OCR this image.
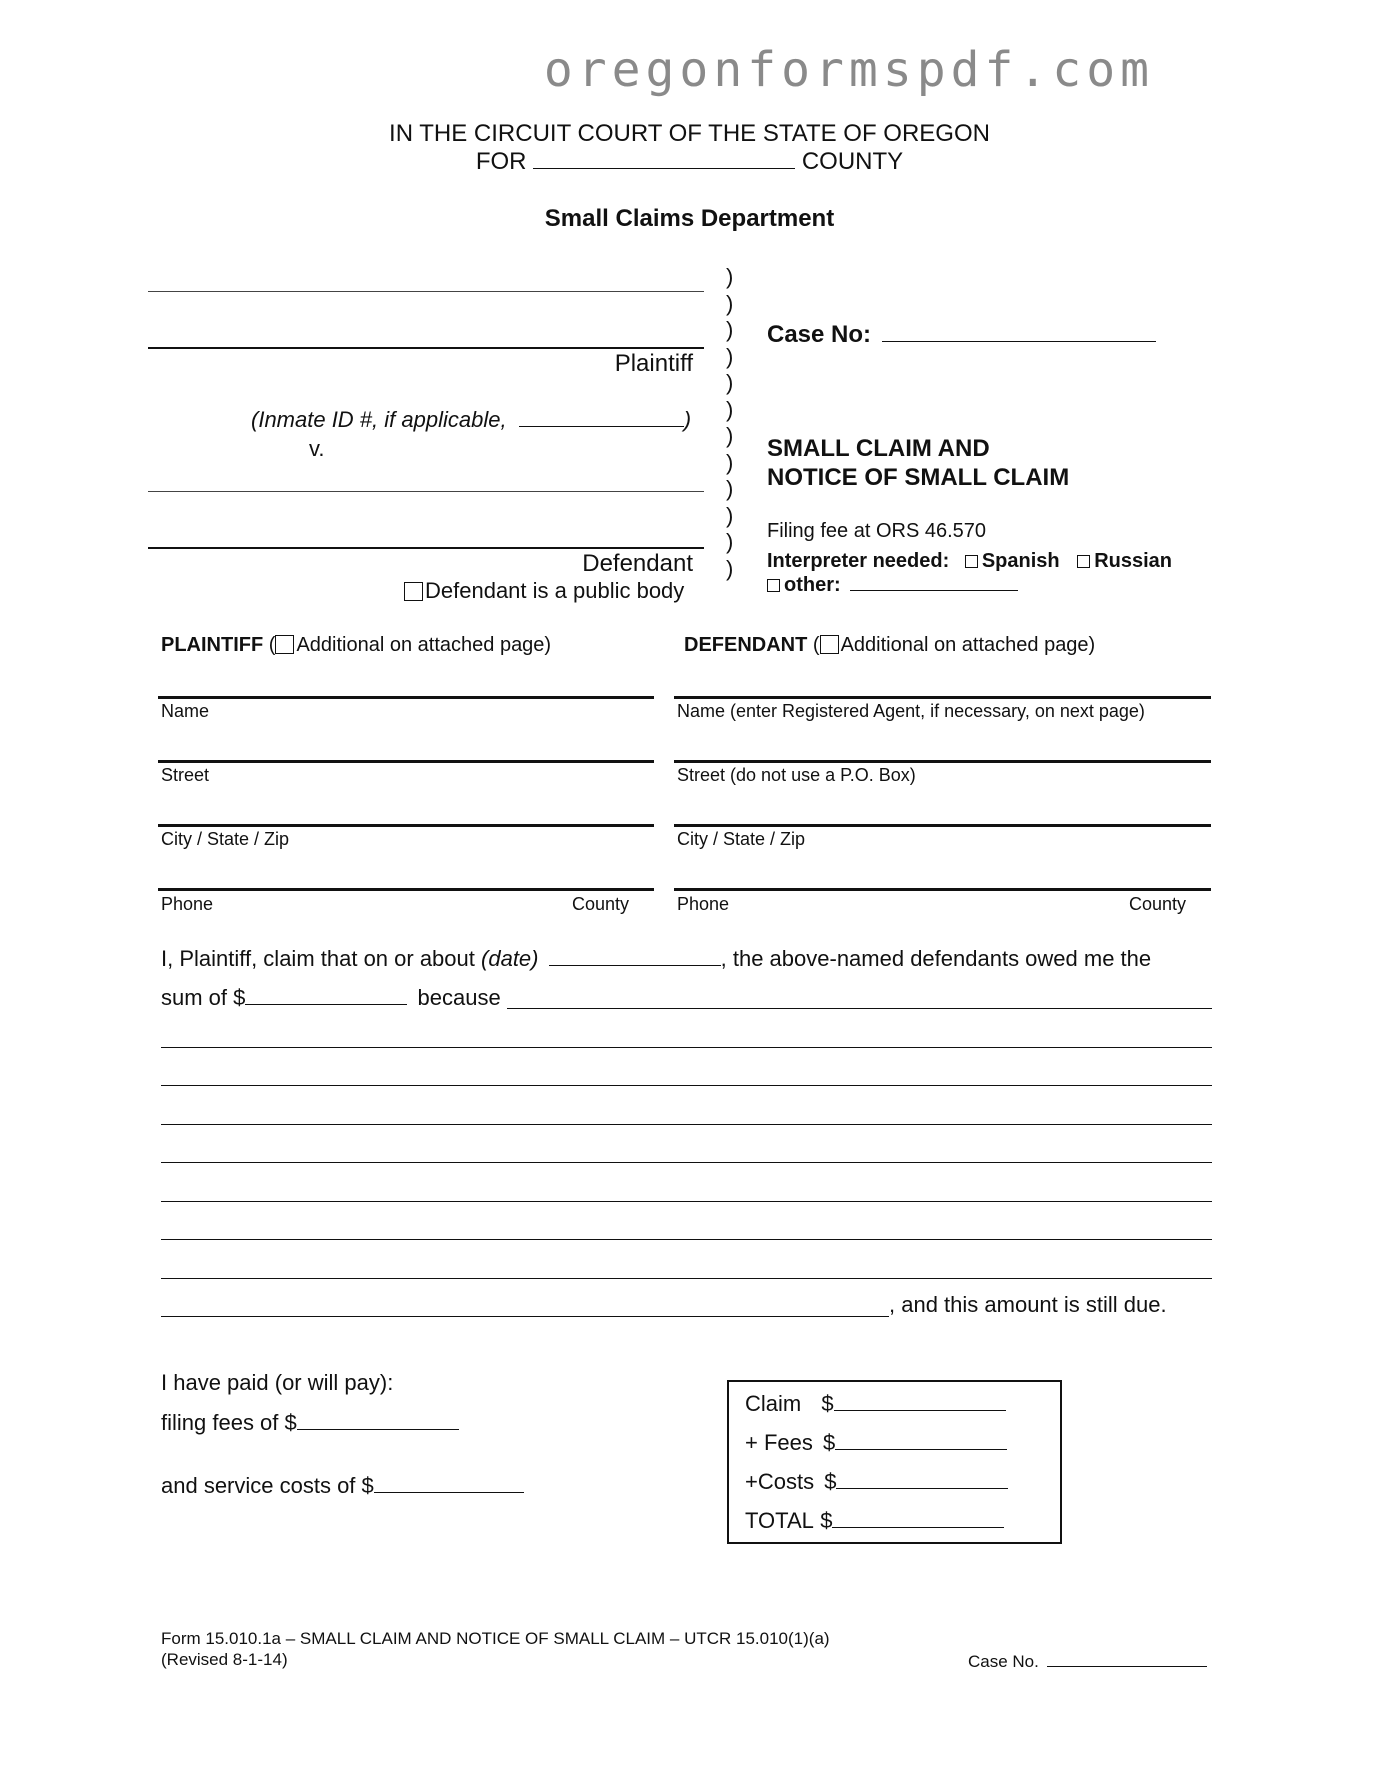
oregonformspdf.com
IN THE CIRCUIT COURT OF THE STATE OF OREGON
FOR	COUNTY
Small Claims Department
Plaintiff
(Inmate ID #, if applicable,	)
v.
Defendant
Defendant is a public body
)
)
)
)
)
)
)
)
)
)
)
)
Case No:
SMALL CLAIM AND
NOTICE OF SMALL CLAIM
Filing fee at ORS 46.570
Interpreter needed: Spanish Russian
other:
PLAINTIFF ( Additional on attached page)	DEFENDANT ( Additional on attached page)
Name
Street
City / State / Zip
Phone	County
Name (enter Registered Agent, if necessary, on next page)
Street (do not use a P.O. Box)
City / State / Zip
Phone	County
I, Plaintiff, claim that on or about (date)	, the above-named defendants owed me the
sum of $	because
, and this amount is still due.
I have paid (or will pay):
filing fees of $
and service costs of $
Claim $
+ Fees $
+Costs $
TOTAL $
Form 15.010.1a – SMALL CLAIM AND NOTICE OF SMALL CLAIM – UTCR 15.010(1)(a)
(Revised 8-1-14)	Case No.
